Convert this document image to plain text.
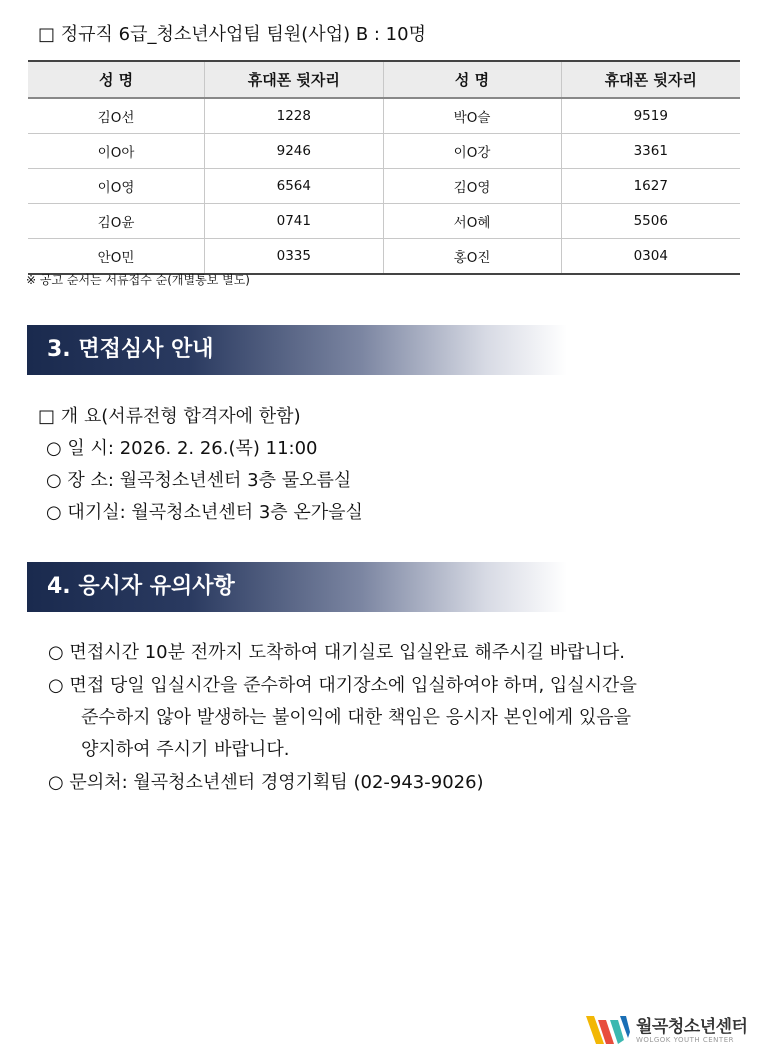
□ 정규직 6급_청소년사업팀 팀원(사업) B : 10명
성 명	휴대폰 뒷자리	성 명	휴대폰 뒷자리
김O선	1228	박O슬	9519
이O아	9246	이O강	3361
이O영	6564	김O영	1627
김O윤	0741	서O혜	5506
안O민	0335	홍O진	0304
※ 공고 순서는 서류접수 순(개별통보 별도)
3. 면접심사 안내
□ 개 요(서류전형 합격자에 한함)
○ 일 시: 2026. 2. 26.(목) 11:00
○ 장 소: 월곡청소년센터 3층 물오름실
○ 대기실: 월곡청소년센터 3층 온가을실
4. 응시자 유의사항
○ 면접시간 10분 전까지 도착하여 대기실로 입실완료 해주시길 바랍니다.
○ 면접 당일 입실시간을 준수하여 대기장소에 입실하여야 하며, 입실시간을
준수하지 않아 발생하는 불이익에 대한 책임은 응시자 본인에게 있음을
양지하여 주시기 바랍니다.
○ 문의처: 월곡청소년센터 경영기획팀 (02-943-9026)
월곡청소년센터
WOLGOK YOUTH CENTER
